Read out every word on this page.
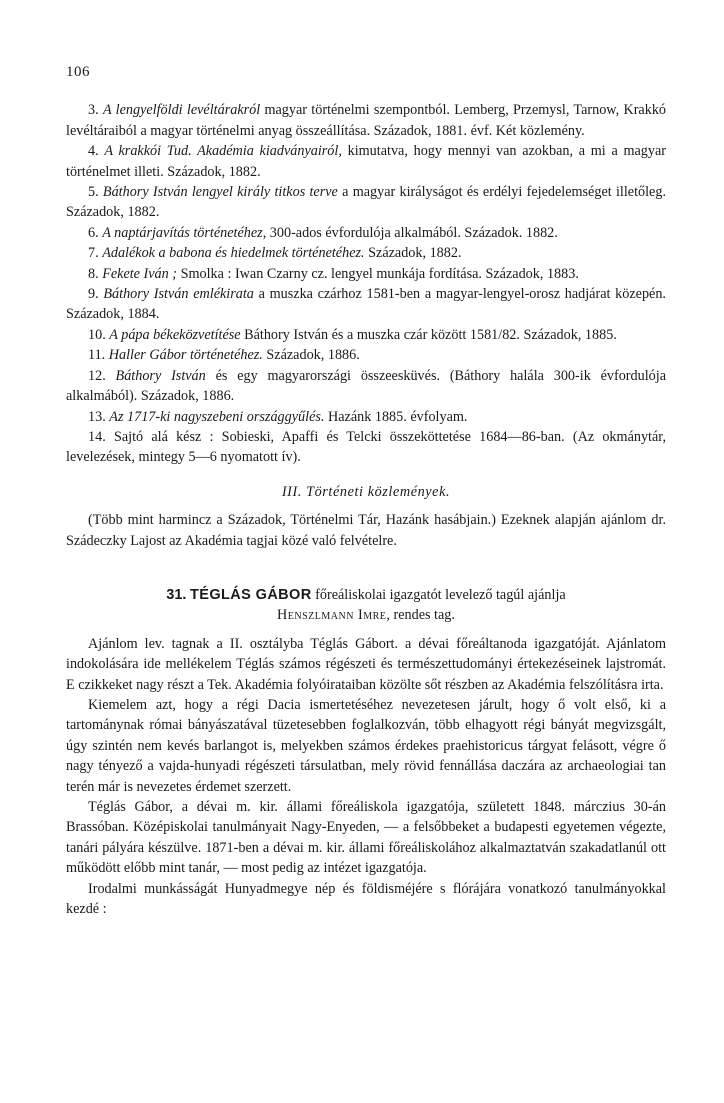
106

3. A lengyelföldi levéltárakról magyar történelmi szempontból. Lemberg, Przemysl, Tarnow, Krakkó levéltáraiból a magyar történelmi anyag összeállítása. Századok, 1881. évf. Két közlemény.

4. A krakkói Tud. Akadémia kiadványairól, kimutatva, hogy mennyi van azokban, a mi a magyar történelmet illeti. Századok, 1882.

5. Báthory István lengyel király titkos terve a magyar királyságot és erdélyi fejedelemséget illetőleg. Századok, 1882.

6. A naptárjavítás történetéhez, 300-ados évfordulója alkalmából. Századok. 1882.

7. Adalékok a babona és hiedelmek történetéhez. Századok, 1882.

8. Fekete Iván ; Smolka : Iwan Czarny cz. lengyel munkája fordítása. Századok, 1883.

9. Báthory István emlékirata a muszka czárhoz 1581-ben a magyar-lengyel-orosz hadjárat közepén. Századok, 1884.

10. A pápa békeközvetítése Báthory István és a muszka czár között 1581/82. Századok, 1885.

11. Haller Gábor történetéhez. Századok, 1886.

12. Báthory István és egy magyarországi összeesküvés. (Báthory halála 300-ik évfordulója alkalmából). Századok, 1886.

13. Az 1717-ki nagyszebeni országgyűlés. Hazánk 1885. évfolyam.

14. Sajtó alá kész : Sobieski, Apaffi és Telcki összeköttetése 1684—86-ban. (Az okmánytár, levelezések, mintegy 5—6 nyomatott ív).

III. Történeti közlemények.

(Több mint harmincz a Századok, Történelmi Tár, Hazánk hasábjain.) Ezeknek alapján ajánlom dr. Szádeczky Lajost az Akadémia tagjai közé való felvételre.

31. TÉGLÁS GÁBOR főreáliskolai igazgatót levelező tagúl ajánlja
Henszlmann Imre, rendes tag.

Ajánlom lev. tagnak a II. osztályba Téglás Gábort. a dévai főreáltanoda igazgatóját. Ajánlatom indokolására ide mellékelem Téglás számos régészeti és természettudományi értekezéseinek lajstromát. E czikkeket nagy részt a Tek. Akadémia folyóirataiban közölte sőt részben az Akadémia felszólításra irta.

Kiemelem azt, hogy a régi Dacia ismertetéséhez nevezetesen járult, hogy ő volt első, ki a tartománynak római bányászatával tüzetesebben foglalkozván, több elhagyott régi bányát megvizsgált, úgy szintén nem kevés barlangot is, melyekben számos érdekes praehistoricus tárgyat felásott, végre ő nagy tényező a vajda-hunyadi régészeti társulatban, mely rövid fennállása daczára az archaeologiai tan terén már is nevezetes érdemet szerzett.

Téglás Gábor, a dévai m. kir. állami főreáliskola igazgatója, született 1848. márczius 30-án Brassóban. Középiskolai tanulmányait Nagy-Enyeden, — a felsőbbeket a budapesti egyetemen végezte, tanári pályára készülve. 1871-ben a dévai m. kir. állami főreáliskolához alkalmaztatván szakadatlanúl ott működött előbb mint tanár, — most pedig az intézet igazgatója.

Irodalmi munkásságát Hunyadmegye nép és földisméjére s flórájára vonatkozó tanulmányokkal kezdé :
